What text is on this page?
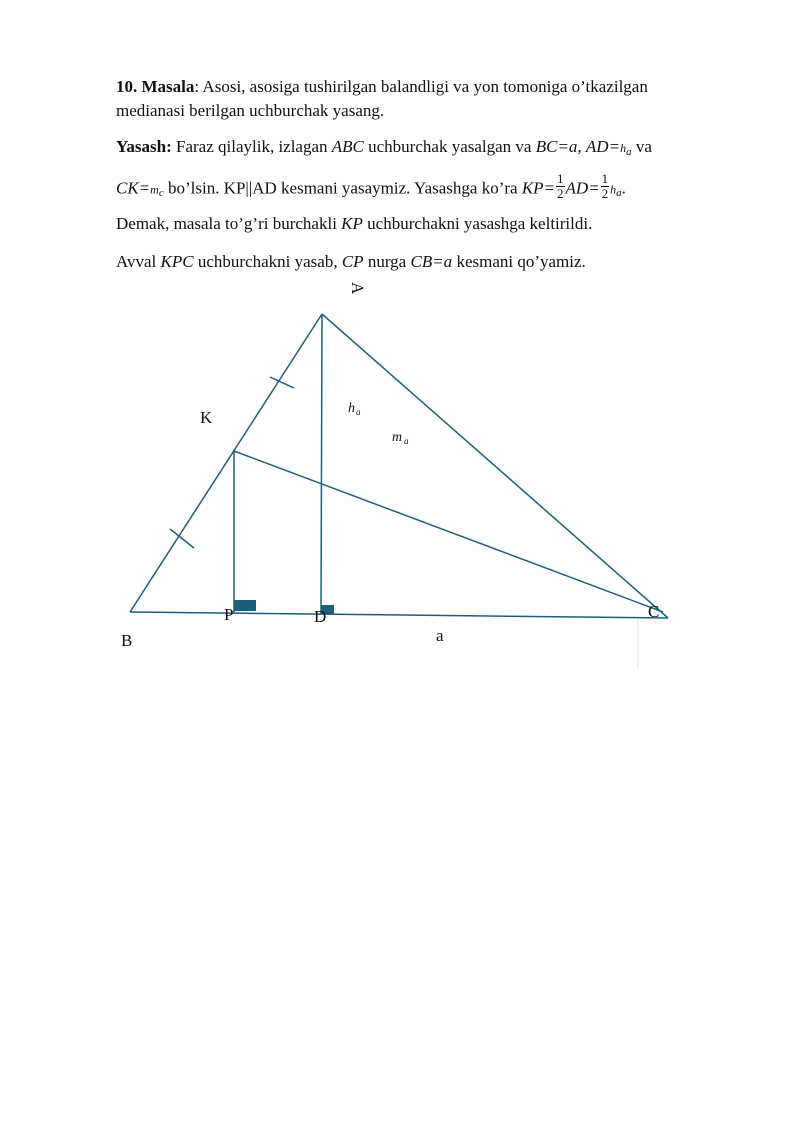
10. Masala: Asosi, asosiga tushirilgan balandligi va yon tomoniga o’tkazilgan medianasi berilgan uchburchak yasang.
Yasash: Faraz qilaylik, izlagan ABC uchburchak yasalgan va BC=a, AD=ha va
CK=mc bo’lsin. KP||AD kesmani yasaymiz. Yasashga ko’ra $KP= \frac{1}{2} AD= \frac{1}{2}$ ha.
Demak, masala to’g’ri burchakli KP uchburchakni yasashga keltirildi.
Avval KPC uchburchakni yasab, CP nurga CB=a kesmani qo’yamiz.
A
B
C
K
P	D
a
h a
m a
